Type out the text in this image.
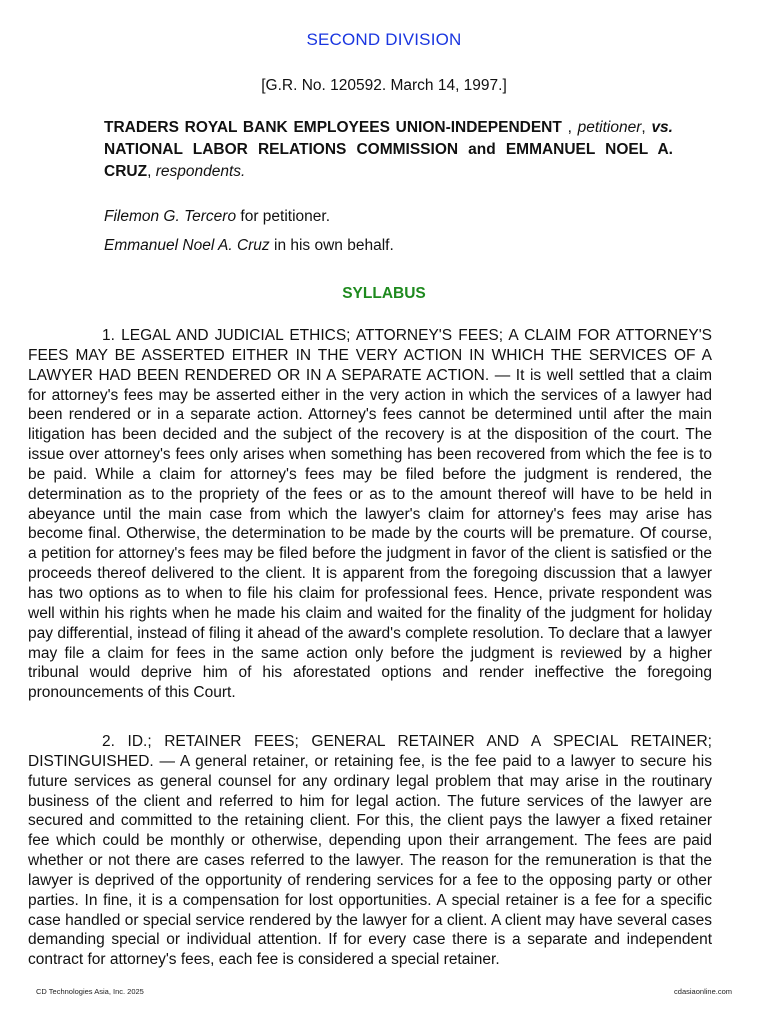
SECOND DIVISION
[G.R. No. 120592. March 14, 1997.]
TRADERS ROYAL BANK EMPLOYEES UNION-INDEPENDENT , petitioner, vs. NATIONAL LABOR RELATIONS COMMISSION and EMMANUEL NOEL A. CRUZ, respondents.
Filemon G. Tercero for petitioner.
Emmanuel Noel A. Cruz in his own behalf.
SYLLABUS
1. LEGAL AND JUDICIAL ETHICS; ATTORNEY'S FEES; A CLAIM FOR ATTORNEY'S FEES MAY BE ASSERTED EITHER IN THE VERY ACTION IN WHICH THE SERVICES OF A LAWYER HAD BEEN RENDERED OR IN A SEPARATE ACTION. — It is well settled that a claim for attorney's fees may be asserted either in the very action in which the services of a lawyer had been rendered or in a separate action. Attorney's fees cannot be determined until after the main litigation has been decided and the subject of the recovery is at the disposition of the court. The issue over attorney's fees only arises when something has been recovered from which the fee is to be paid. While a claim for attorney's fees may be filed before the judgment is rendered, the determination as to the propriety of the fees or as to the amount thereof will have to be held in abeyance until the main case from which the lawyer's claim for attorney's fees may arise has become final. Otherwise, the determination to be made by the courts will be premature. Of course, a petition for attorney's fees may be filed before the judgment in favor of the client is satisfied or the proceeds thereof delivered to the client. It is apparent from the foregoing discussion that a lawyer has two options as to when to file his claim for professional fees. Hence, private respondent was well within his rights when he made his claim and waited for the finality of the judgment for holiday pay differential, instead of filing it ahead of the award's complete resolution. To declare that a lawyer may file a claim for fees in the same action only before the judgment is reviewed by a higher tribunal would deprive him of his aforestated options and render ineffective the foregoing pronouncements of this Court.
2. ID.; RETAINER FEES; GENERAL RETAINER AND A SPECIAL RETAINER; DISTINGUISHED. — A general retainer, or retaining fee, is the fee paid to a lawyer to secure his future services as general counsel for any ordinary legal problem that may arise in the routinary business of the client and referred to him for legal action. The future services of the lawyer are secured and committed to the retaining client. For this, the client pays the lawyer a fixed retainer fee which could be monthly or otherwise, depending upon their arrangement. The fees are paid whether or not there are cases referred to the lawyer. The reason for the remuneration is that the lawyer is deprived of the opportunity of rendering services for a fee to the opposing party or other parties. In fine, it is a compensation for lost opportunities. A special retainer is a fee for a specific case handled or special service rendered by the lawyer for a client. A client may have several cases demanding special or individual attention. If for every case there is a separate and independent contract for attorney's fees, each fee is considered a special retainer.
CD Technologies Asia, Inc. 2025	cdasiaonline.com
